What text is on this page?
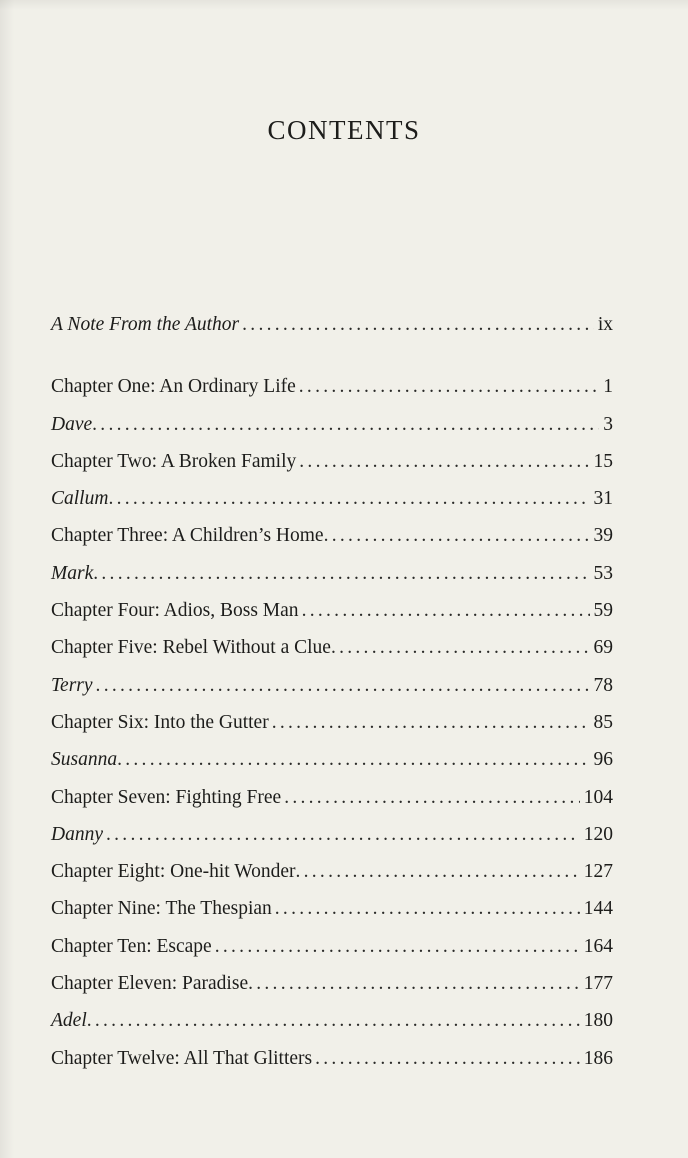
CONTENTS
A Note From the Author . . .	ix
Chapter One: An Ordinary Life . . .	1
Dave . . .	3
Chapter Two: A Broken Family . . .	15
Callum . . .	31
Chapter Three: A Children’s Home . . .	39
Mark . . .	53
Chapter Four: Adios, Boss Man . . .	59
Chapter Five: Rebel Without a Clue . . .	69
Terry . . .	78
Chapter Six: Into the Gutter . . .	85
Susanna . . .	96
Chapter Seven: Fighting Free . . .	104
Danny . . .	120
Chapter Eight: One-hit Wonder . . .	127
Chapter Nine: The Thespian . . .	144
Chapter Ten: Escape . . .	164
Chapter Eleven: Paradise . . .	177
Adel . . .	180
Chapter Twelve: All That Glitters . . .	186
